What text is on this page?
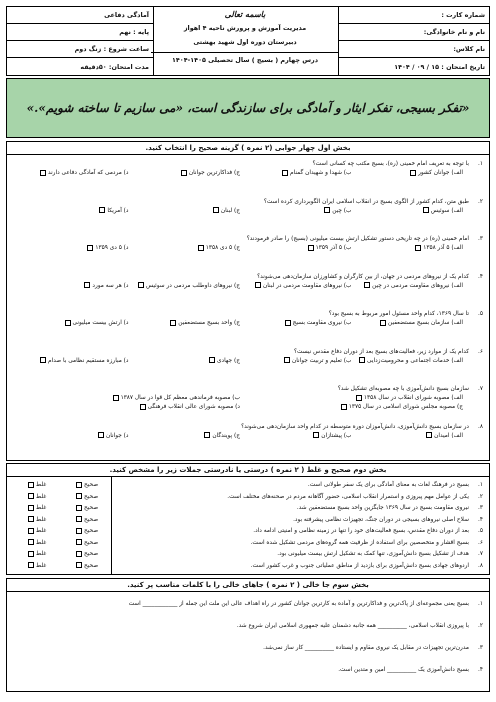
شماره کارت :
نام و نام خانوادگی:
نام کلاس:
تاریخ امتحان : ۱۵ / ۰۹ / ۱۴۰۴
باسمه تعالی
مدیریت آموزش و پرورش ناحیه ۴ اهواز
دبیرستان دوره اول شهید بهشتی
درس چهارم ( بسیج ) سال تحصیلی ۱۴۰۵-۱۴۰۴
آمادگی دفاعی
پایه : نهم
ساعت شروع : زنگ دوم
مدت امتحان: ۵۰دقیقه
«تفکر بسیجی، تفکر ایثار و آمادگی برای سازندگی است، «می سازیم تا ساخته شویم».»
بخش اول چهار جوابی (۲ نمره ) گزینه صحیح را انتخاب کنید.
۱.
با توجه به تعریف امام خمینی (ره)، بسیج مکتب چه کسانی است؟
الف) جوانان کشور
ب) شهدا و شهیدان گمنام
ج) فداکارترین جوانان
د) مردمی که آمادگی دفاعی دارند
۲.
طبق متن، کدام کشور از الگوی بسیج در انقلاب اسلامی ایران الگوبرداری کرده است؟
الف) سوئیس
ب) چین
ج) لبنان
د) آمریکا
۳.
امام خمینی (ره) در چه تاریخی دستور تشکیل ارتش بیست میلیونی (بسیج) را صادر فرمودند؟
الف) ۵ آذر ۱۳۵۸
ب) ۵ آذر ۱۳۵۹
ج) ۵ دی ۱۳۵۸
د) ۵ دی ۱۳۵۹
۴.
کدام یک از نیروهای مردمی در جهان، از بین کارگران و کشاورزان سازمان‌دهی می‌شوند؟
الف) نیروهای مقاومت مردمی در چین
ب) نیروهای مقاومت مردمی در لبنان
ج) نیروهای داوطلب مردمی در سوئیس
د) هر سه مورد
۵.
تا سال ۱۳۶۹، کدام واحد مسئول امور مربوط به بسیج بود؟
الف) سازمان بسیج مستضعفین
ب) نیروی مقاومت بسیج
ج) واحد بسیج مستضعفین
د) ارتش بیست میلیونی
۶.
کدام یک از موارد زیر، فعالیت‌های بسیج بعد از دوران دفاع مقدس نیست؟
الف) خدمات اجتماعی و محرومیت‌زدایی
ب) تعلیم و تربیت جوانان
ج) جهادی
د) مبارزه مستقیم نظامی با صدام
۷.
سازمان بسیج دانش‌آموزی با چه مصوبه‌ای تشکیل شد؟
الف) مصوبه شورای انقلاب در سال ۱۳۵۸
ب) مصوبه فرماندهی معظم کل قوا در سال ۱۳۸۷
ج) مصوبه مجلس شورای اسلامی در سال ۱۳۷۵
د) مصوبه شورای عالی انقلاب فرهنگی
۸.
در سازمان بسیج دانش‌آموزی، دانش‌آموزان دوره متوسطه در کدام واحد سازمان‌دهی می‌شوند؟
الف) امیدان
ب) پیشتازان
ج) پویندگان
د) جوانان
بخش دوم صحیح و غلط ( ۲ نمره ) درستی یا نادرستی جملات زیر را مشخص کنید.
۱.
بسیج در فرهنگ لغات به معنای آمادگی برای یک سفر طولانی است.
صحیح
غلط
۲.
یکی از عوامل مهم پیروزی و استمرار انقلاب اسلامی، حضور آگاهانه مردم در صحنه‌های مختلف است.
صحیح
غلط
۳.
نیروی مقاومت بسیج در سال ۱۳۶۹ جایگزین واحد بسیج مستضعفین شد.
صحیح
غلط
۴.
سلاح اصلی نیروهای بسیجی در دوران جنگ، تجهیزات نظامی پیشرفته بود.
صحیح
غلط
۵.
بعد از دوران دفاع مقدس، بسیج فعالیت‌های خود را تنها در زمینه نظامی و امنیتی ادامه داد.
صحیح
غلط
۶.
بسیج اقشار و متخصصین برای استفاده از ظرفیت همه گروه‌های مردمی تشکیل شده است.
صحیح
غلط
۷.
هدف از تشکیل بسیج دانش‌آموزی، تنها کمک به تشکیل ارتش بیست میلیونی بود.
صحیح
غلط
۸.
اردوهای جهادی بسیج دانش‌آموزی برای بازدید از مناطق عملیاتی جنوب و غرب کشور است.
صحیح
غلط
بخش سوم جا خالی ( ۲ نمره ) جاهای خالی را با کلمات مناسب پر کنید.
۱.
بسیج یعنی مجموعه‌ای از پاک‌ترین و فداکارترین و آماده به کارترین جوانان کشور در راه اهداف عالی این ملت این جمله از ____________ است
۲.
با پیروزی انقلاب اسلامی، __________ همه جانبه دشمنان علیه جمهوری اسلامی ایران شروع شد.
۳.
مدرن‌ترین تجهیزات در مقابل یک نیروی مقاوم و ایستاده __________ کار ساز نمی‌شد.
۴.
بسیج دانش‌آموزی یک __________ امین و متدین است.
